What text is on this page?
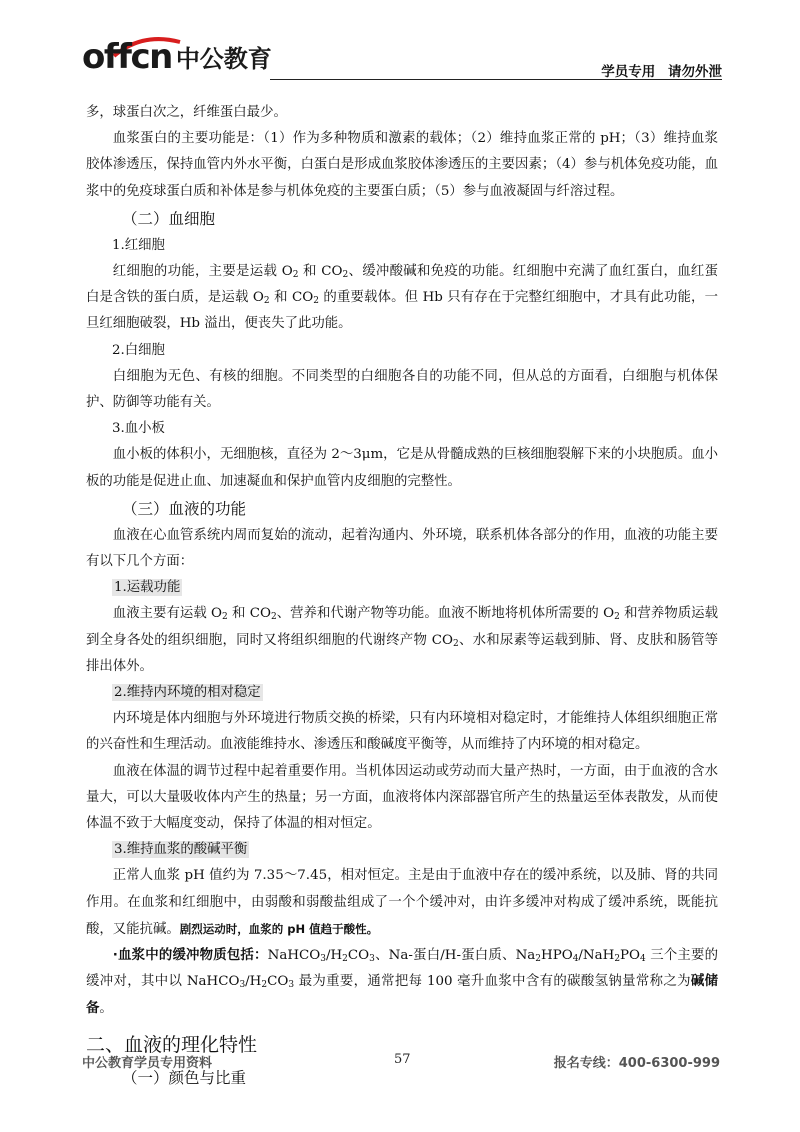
offcn 中公教育	学员专用 请勿外泄

多，球蛋白次之，纤维蛋白最少。

血浆蛋白的主要功能是：（1）作为多种物质和激素的载体；（2）维持血浆正常的 pH；（3）维持血浆胶体渗透压，保持血管内外水平衡，白蛋白是形成血浆胶体渗透压的主要因素；（4）参与机体免疫功能，血浆中的免疫球蛋白质和补体是参与机体免疫的主要蛋白质；（5）参与血液凝固与纤溶过程。

（二）血细胞
1.红细胞

红细胞的功能，主要是运载 $O_2$ 和 $CO_2$、缓冲酸碱和免疫的功能。红细胞中充满了血红蛋白，血红蛋白是含铁的蛋白质，是运载 $O_2$ 和 $CO_2$ 的重要载体。但 Hb 只有存在于完整红细胞中，才具有此功能，一旦红细胞破裂，Hb 溢出，便丧失了此功能。

2.白细胞

白细胞为无色、有核的细胞。不同类型的白细胞各自的功能不同，但从总的方面看，白细胞与机体保护、防御等功能有关。

3.血小板

血小板的体积小，无细胞核，直径为 2～3μm，它是从骨髓成熟的巨核细胞裂解下来的小块胞质。血小板的功能是促进止血、加速凝血和保护血管内皮细胞的完整性。

（三）血液的功能

血液在心血管系统内周而复始的流动，起着沟通内、外环境，联系机体各部分的作用，血液的功能主要有以下几个方面：

1.运载功能

血液主要有运载 $O_2$ 和 $CO_2$、营养和代谢产物等功能。血液不断地将机体所需要的 $O_2$ 和营养物质运载到全身各处的组织细胞，同时又将组织细胞的代谢终产物 $CO_2$、水和尿素等运载到肺、肾、皮肤和肠管等排出体外。

2.维持内环境的相对稳定

内环境是体内细胞与外环境进行物质交换的桥梁，只有内环境相对稳定时，才能维持人体组织细胞正常的兴奋性和生理活动。血液能维持水、渗透压和酸碱度平衡等，从而维持了内环境的相对稳定。

血液在体温的调节过程中起着重要作用。当机体因运动或劳动而大量产热时，一方面，由于血液的含水量大，可以大量吸收体内产生的热量；另一方面，血液将体内深部器官所产生的热量运至体表散发，从而使体温不致于大幅度变动，保持了体温的相对恒定。

3.维持血浆的酸碱平衡

正常人血浆 pH 值约为 7.35～7.45，相对恒定。主是由于血液中存在的缓冲系统，以及肺、肾的共同作用。在血浆和红细胞中，由弱酸和弱酸盐组成了一个个缓冲对，由许多缓冲对构成了缓冲系统，既能抗酸，又能抗碱。剧烈运动时，血浆的 pH 值趋于酸性。

·血浆中的缓冲物质包括：$NaHCO_3/H_2CO_3$、Na-蛋白/H-蛋白质、$Na_2HPO_4/NaH_2PO_4$ 三个主要的缓冲对，其中以 $NaHCO_3/H_2CO_3$ 最为重要，通常把每 100 毫升血浆中含有的碳酸氢钠量常称之为碱储备。

二、血液的理化特性
（一）颜色与比重
中公教育学员专用资料	57	报名专线：400-6300-999
